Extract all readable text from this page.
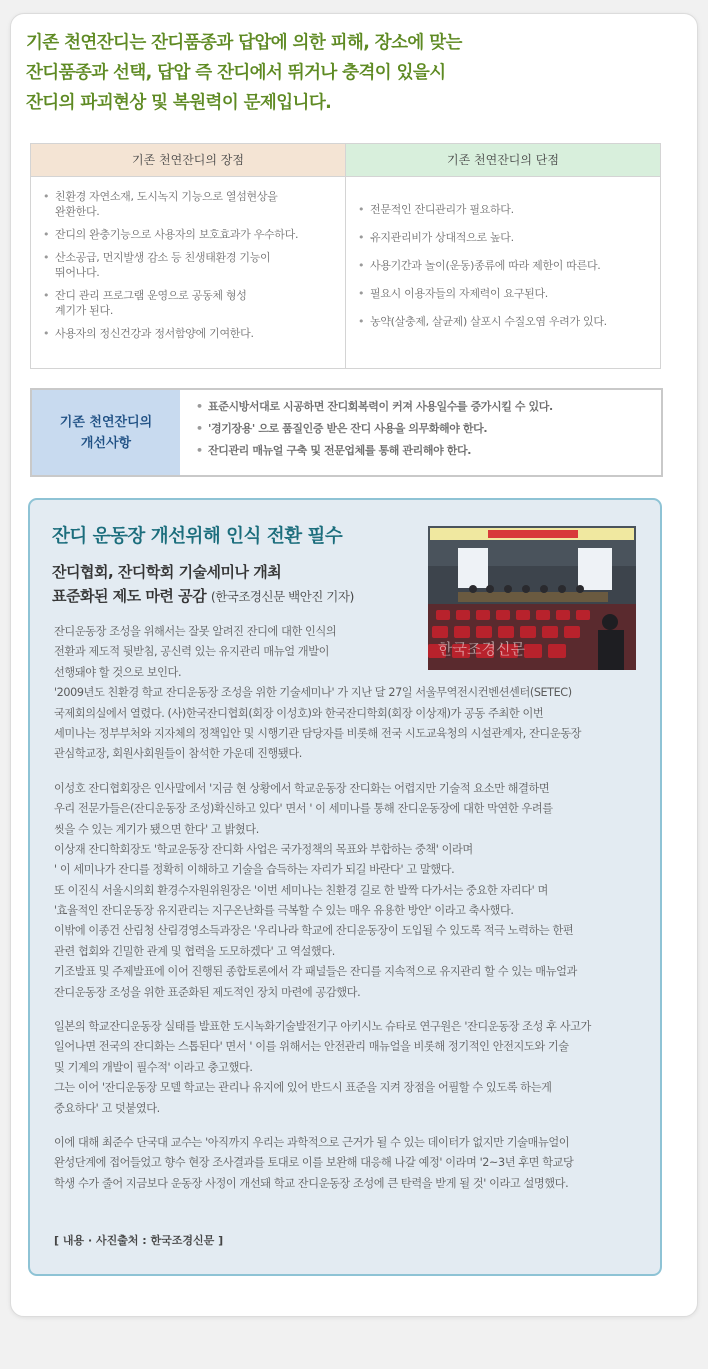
기존 천연잔디는 잔디품종과 답압에 의한 피해, 장소에 맞는
잔디품종과 선택, 답압 즉 잔디에서 뛰거나 충격이 있을시
잔디의 파괴현상 및 복원력이 문제입니다.
기존 천연잔디의 장점
• 친환경 자연소재, 도시녹지 기능으로 열섬현상을
완환한다.
• 잔디의 완충기능으로 사용자의 보호효과가 우수하다.
• 산소공급, 먼지발생 감소 등 친생태환경 기능이
뛰어나다.
• 잔디 관리 프로그램 운영으로 공동체 형성
계기가 된다.
• 사용자의 정신건강과 정서함양에 기여한다.
기존 천연잔디의 단점
• 전문적인 잔디관리가 필요하다.
• 유지관리비가 상대적으로 높다.
• 사용기간과 놀이(운동)종류에 따라 제한이 따른다.
• 필요시 이용자들의 자제력이 요구된다.
• 농약(살충제, 살균제) 살포시 수질오염 우려가 있다.
기존 천연잔디의
개선사항
• 표준시방서대로 시공하면 잔디회복력이 커져 사용일수를 증가시킬 수 있다.
• '경기장용' 으로 품질인증 받은 잔디 사용을 의무화해야 한다.
• 잔디관리 매뉴얼 구축 및 전문업체를 통해 관리해야 한다.
잔디 운동장 개선위해 인식 전환 필수
잔디협회, 잔디학회 기술세미나 개최
표준화된 제도 마련 공감 (한국조경신문 백안진 기자)
한국조경신문
잔디운동장 조성을 위해서는 잘못 알려진 잔디에 대한 인식의
전환과 제도적 뒷받침, 공신력 있는 유지관리 매뉴얼 개발이
선행돼야 할 것으로 보인다.
'2009년도 친환경 학교 잔디운동장 조성을 위한 기술세미나' 가 지난 달 27일 서울무역전시컨벤션센터(SETEC)
국제회의실에서 열렸다. (사)한국잔디협회(회장 이성호)와 한국잔디학회(회장 이상재)가 공동 주최한 이번
세미나는 정부부처와 지자체의 정책입안 및 시행기관 담당자를 비롯해 전국 시도교육청의 시설관계자, 잔디운동장
관심학교장, 회원사회원들이 참석한 가운데 진행됐다.
이성호 잔디협회장은 인사말에서 '지금 현 상황에서 학교운동장 잔디화는 어렵지만 기술적 요소만 해결하면
우리 전문가들은(잔디운동장 조성)확신하고 있다' 면서 ' 이 세미나를 통해 잔디운동장에 대한 막연한 우려를
씻을 수 있는 계기가 됐으면 한다' 고 밝혔다.
이상재 잔디학회장도 '학교운동장 잔디화 사업은 국가정책의 목표와 부합하는 중책' 이라며
' 이 세미나가 잔디를 정확히 이해하고 기술을 습득하는 자리가 되길 바란다' 고 말했다.
또 이진식 서울시의회 환경수자원위원장은 '이번 세미나는 친환경 길로 한 발짝 다가서는 중요한 자리다' 며
'효율적인 잔디운동장 유지관리는 지구온난화를 극복할 수 있는 매우 유용한 방안' 이라고 축사했다.
이밖에 이종건 산림청 산림경영소득과장은 '우리나라 학교에 잔디운동장이 도입될 수 있도록 적극 노력하는 한편
관련 협회와 긴밀한 관계 및 협력을 도모하겠다' 고 역설했다.
기조발표 및 주제발표에 이어 진행된 종합토론에서 각 패널들은 잔디를 지속적으로 유지관리 할 수 있는 매뉴얼과
잔디운동장 조성을 위한 표준화된 제도적인 장치 마련에 공감했다.
일본의 학교잔디운동장 실태를 발표한 도시녹화기술발전기구 아키시노 슈타로 연구원은 '잔디운동장 조성 후 사고가
일어나면 전국의 잔디화는 스톱된다' 면서 ' 이를 위해서는 안전관리 매뉴얼을 비롯해 정기적인 안전지도와 기술
및 기계의 개발이 필수적' 이라고 충고했다.
그는 이어 '잔디운동장 모델 학교는 관리나 유지에 있어 반드시 표준을 지켜 장점을 어필할 수 있도록 하는게
중요하다' 고 덧붙였다.
이에 대해 최준수 단국대 교수는 '아직까지 우리는 과학적으로 근거가 될 수 있는 데이터가 없지만 기술매뉴얼이
완성단계에 접어들었고 향수 현장 조사결과를 토대로 이를 보완해 대응해 나갈 예정' 이라며 '2~3년 후면 학교당
학생 수가 줄어 지금보다 운동장 사정이 개선돼 학교 잔디운동장 조성에 큰 탄력을 받게 될 것' 이라고 설명했다.
[ 내용 · 사진출처 : 한국조경신문 ]
